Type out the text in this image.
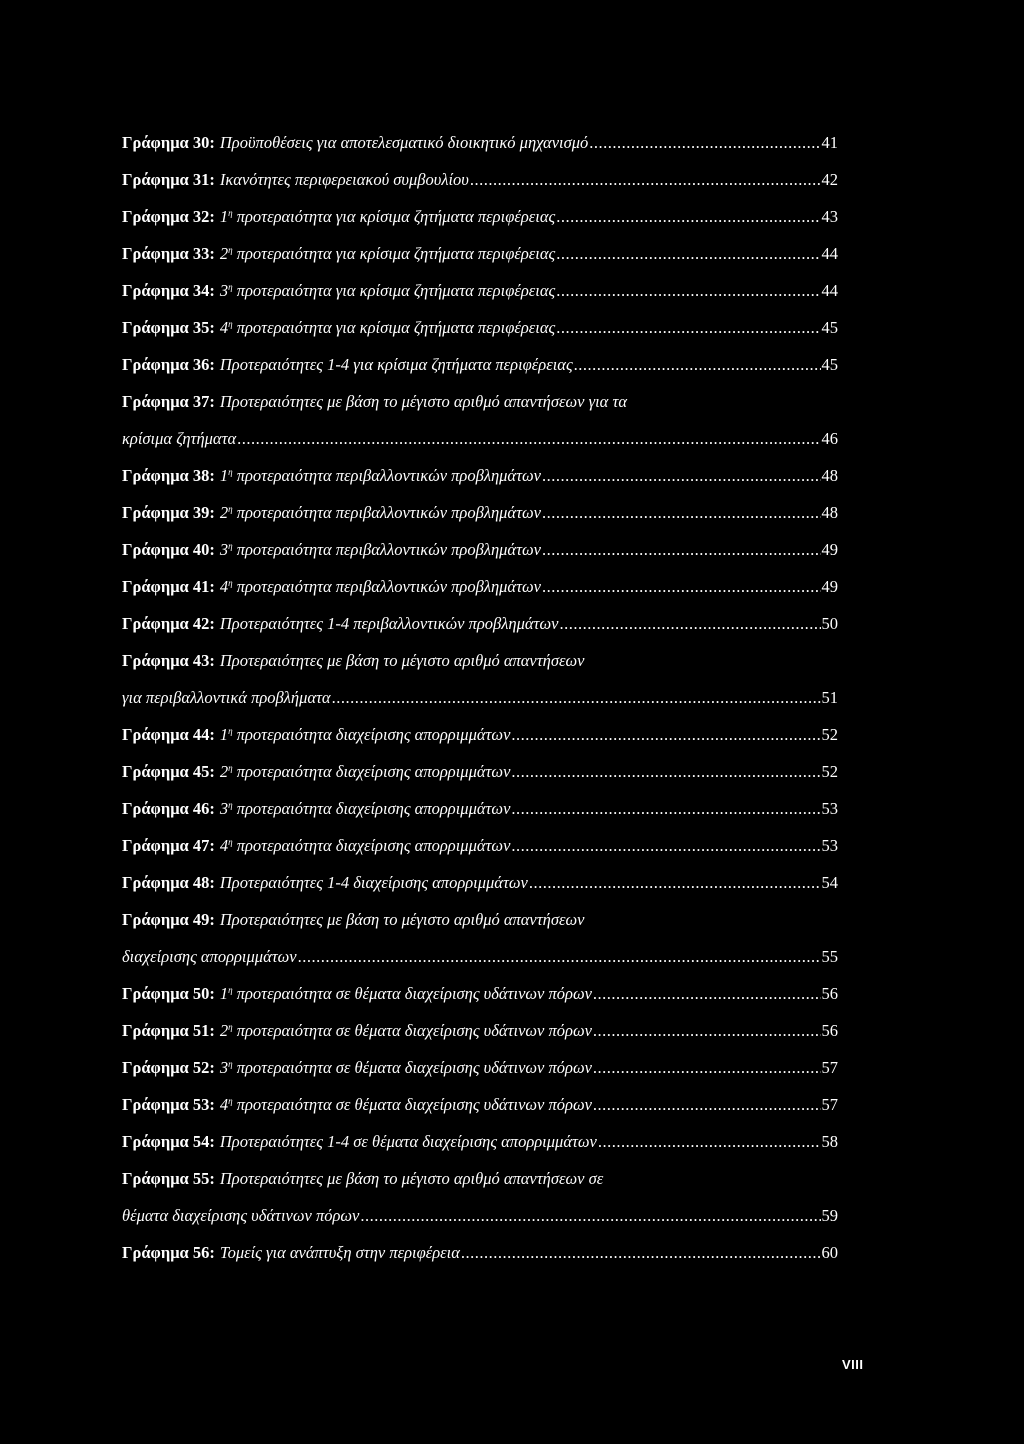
Γράφημα 30: Προϋποθέσεις για αποτελεσματικό διοικητικό μηχανισμό .....	41
Γράφημα 31: Ικανότητες περιφερειακού συμβουλίου .....	42
Γράφημα 32: $1^\eta$ προτεραιότητα για κρίσιμα ζητήματα περιφέρειας .....	43
Γράφημα 33: $2^\eta$ προτεραιότητα για κρίσιμα ζητήματα περιφέρειας .....	44
Γράφημα 34: $3^\eta$ προτεραιότητα για κρίσιμα ζητήματα περιφέρειας .....	44
Γράφημα 35: $4^\eta$ προτεραιότητα για κρίσιμα ζητήματα περιφέρειας .....	45
Γράφημα 36: Προτεραιότητες 1-4 για κρίσιμα ζητήματα περιφέρειας .....	45
Γράφημα 37: Προτεραιότητες με βάση το μέγιστο αριθμό απαντήσεων για τα
κρίσιμα ζητήματα .....	46
Γράφημα 38: $1^\eta$ προτεραιότητα περιβαλλοντικών προβλημάτων .....	48
Γράφημα 39: $2^\eta$ προτεραιότητα περιβαλλοντικών προβλημάτων .....	48
Γράφημα 40: $3^\eta$ προτεραιότητα περιβαλλοντικών προβλημάτων .....	49
Γράφημα 41: $4^\eta$ προτεραιότητα περιβαλλοντικών προβλημάτων .....	49
Γράφημα 42: Προτεραιότητες 1-4 περιβαλλοντικών προβλημάτων .....	50
Γράφημα 43: Προτεραιότητες με βάση το μέγιστο αριθμό απαντήσεων
για περιβαλλοντικά προβλήματα .....	51
Γράφημα 44: $1^\eta$ προτεραιότητα διαχείρισης απορριμμάτων .....	52
Γράφημα 45: $2^\eta$ προτεραιότητα διαχείρισης απορριμμάτων .....	52
Γράφημα 46: $3^\eta$ προτεραιότητα διαχείρισης απορριμμάτων .....	53
Γράφημα 47: $4^\eta$ προτεραιότητα διαχείρισης απορριμμάτων .....	53
Γράφημα 48: Προτεραιότητες 1-4 διαχείρισης απορριμμάτων .....	54
Γράφημα 49: Προτεραιότητες με βάση το μέγιστο αριθμό απαντήσεων
διαχείρισης απορριμμάτων .....	55
Γράφημα 50: $1^\eta$ προτεραιότητα σε θέματα διαχείρισης υδάτινων πόρων .....	56
Γράφημα 51: $2^\eta$ προτεραιότητα σε θέματα διαχείρισης υδάτινων πόρων .....	56
Γράφημα 52: $3^\eta$ προτεραιότητα σε θέματα διαχείρισης υδάτινων πόρων .....	57
Γράφημα 53: $4^\eta$ προτεραιότητα σε θέματα διαχείρισης υδάτινων πόρων .....	57
Γράφημα 54: Προτεραιότητες 1-4 σε θέματα διαχείρισης απορριμμάτων .....	58
Γράφημα 55: Προτεραιότητες με βάση το μέγιστο αριθμό απαντήσεων σε
θέματα διαχείρισης υδάτινων πόρων .....	59
Γράφημα 56: Τομείς για ανάπτυξη στην περιφέρεια .....	60
VIII
